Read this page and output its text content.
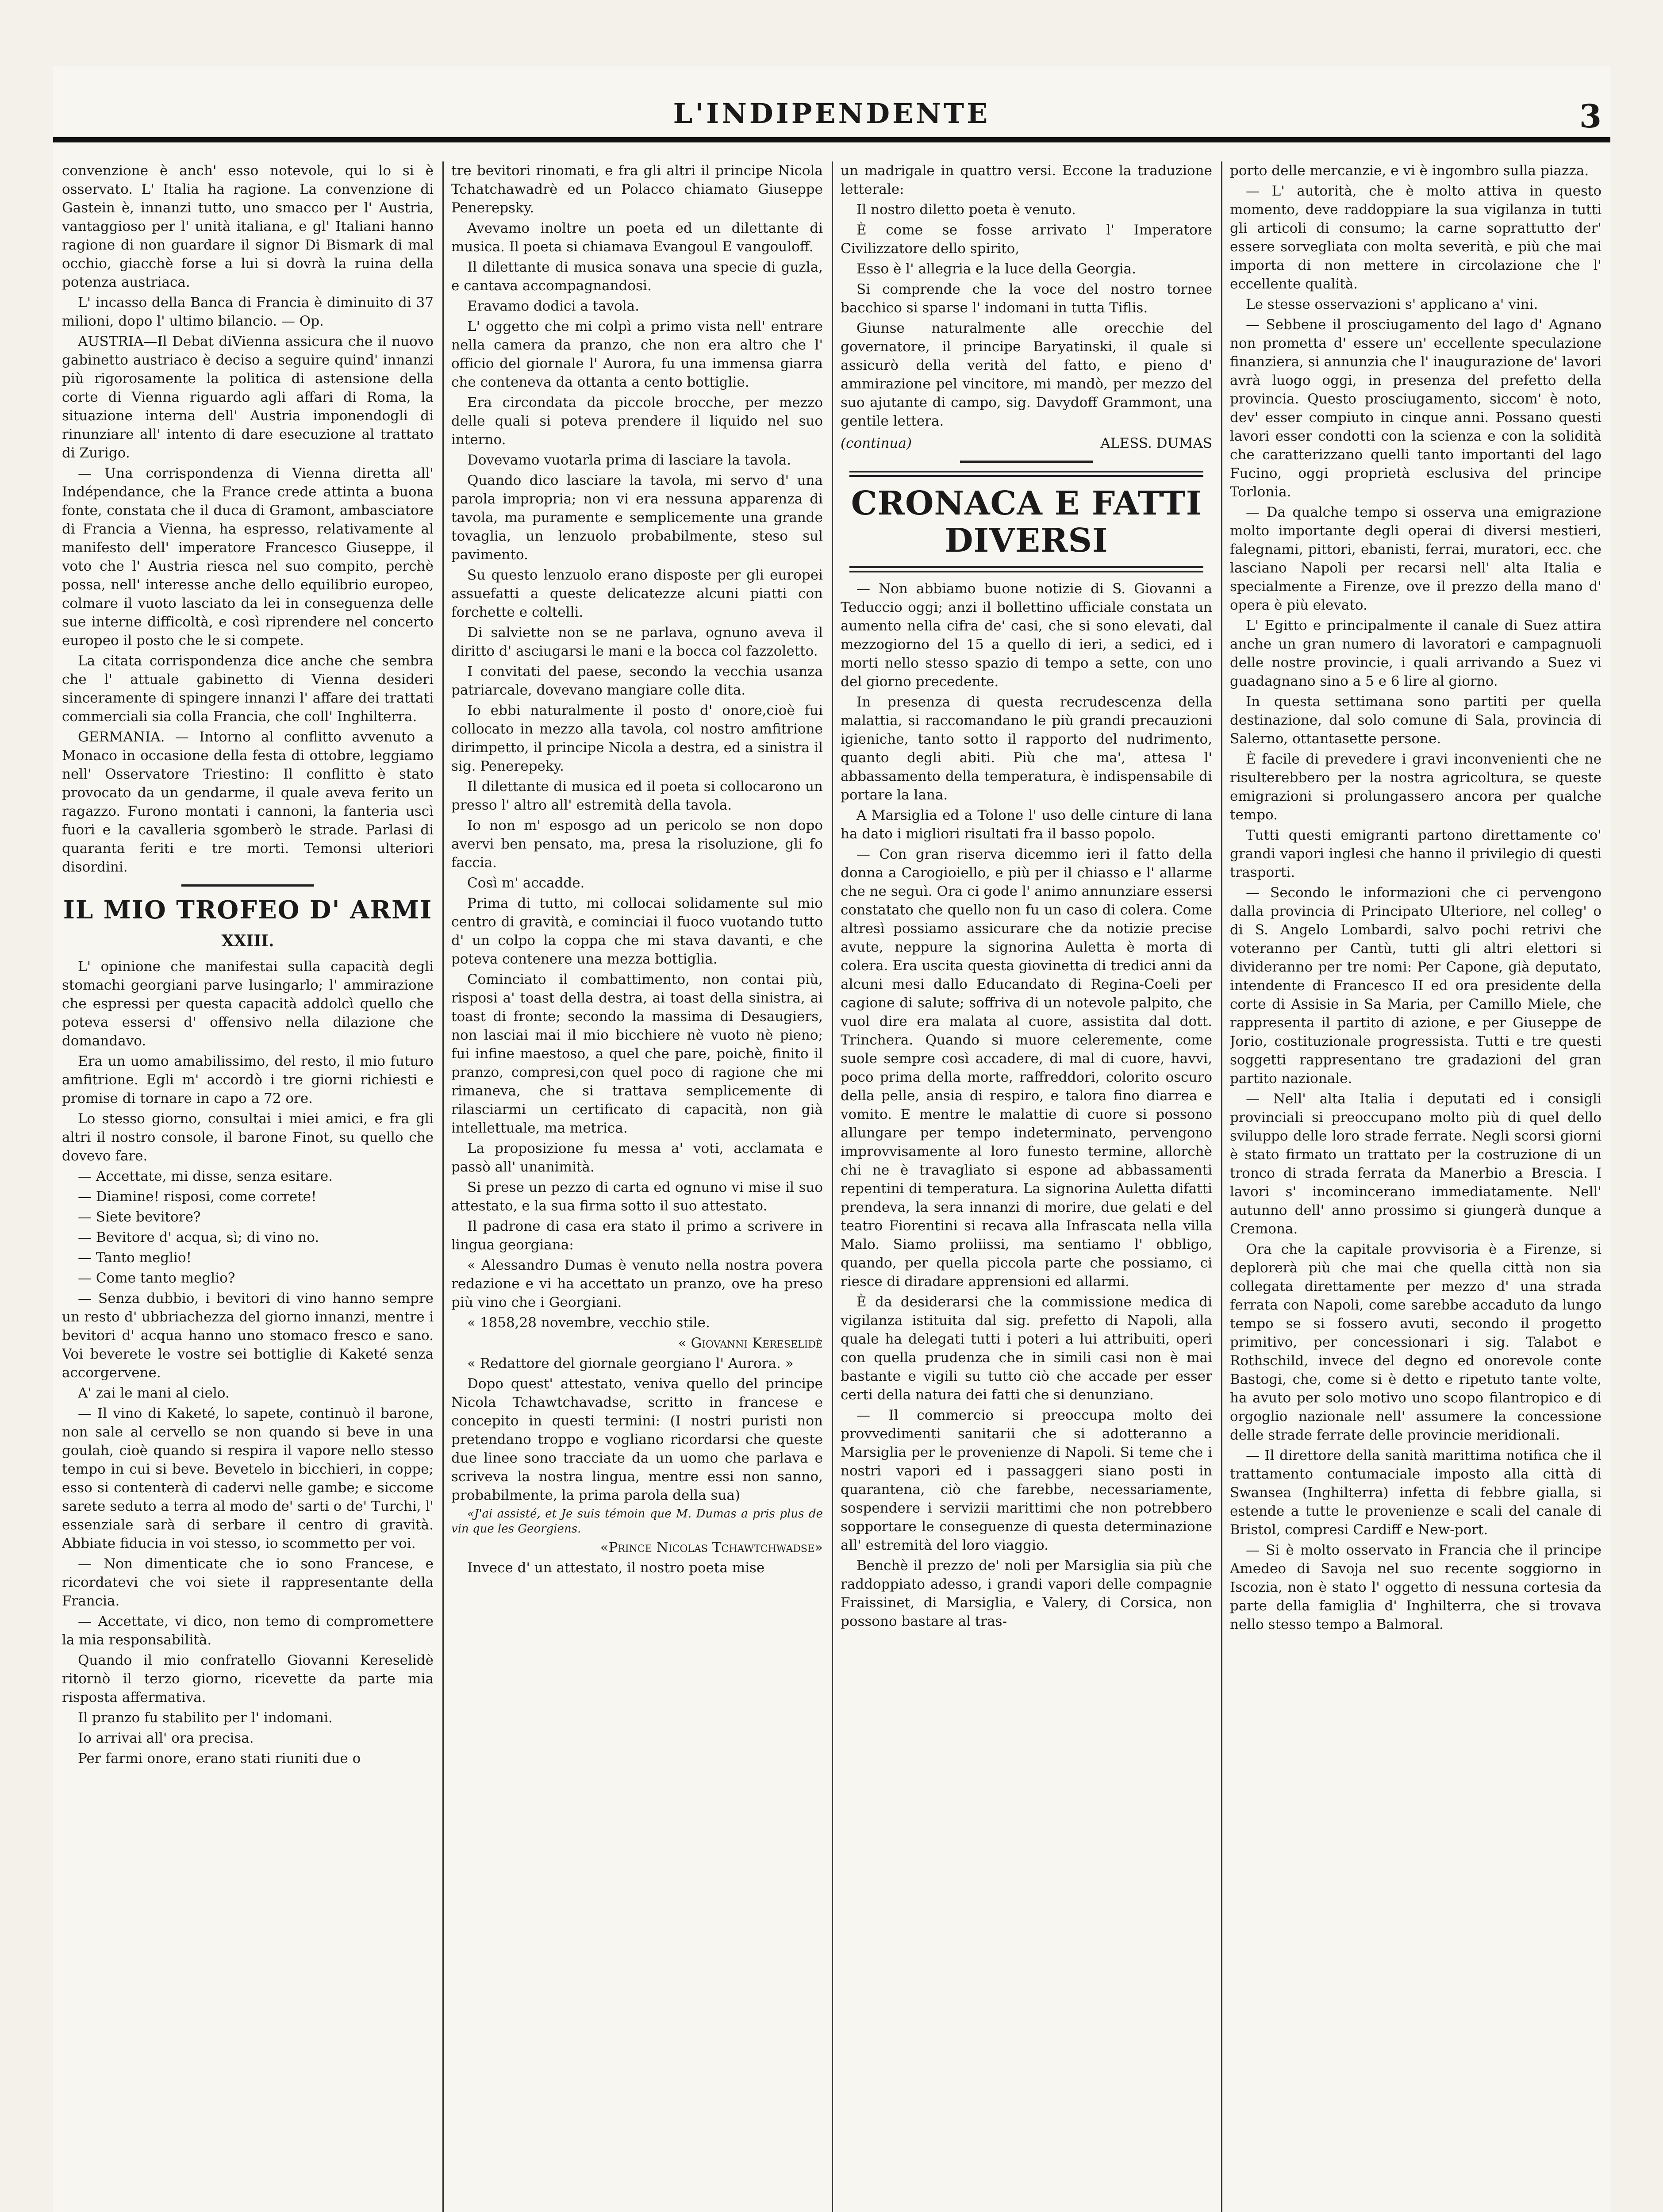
L'INDIPENDENTE	3

convenzione è anch' esso notevole, qui lo si è osservato. L' Italia ha ragione. La convenzione di Gastein è, innanzi tutto, uno smacco per l' Austria, vantaggioso per l' unità italiana, e gl' Italiani hanno ragione di non guardare il signor Di Bismark di mal occhio, giacchè forse a lui si dovrà la ruina della potenza austriaca.

L' incasso della Banca di Francia è diminuito di 37 milioni, dopo l' ultimo bilancio. — Op.

AUSTRIA—Il Debat diVienna assicura che il nuovo gabinetto austriaco è deciso a seguire quind' innanzi più rigorosamente la politica di astensione della corte di Vienna riguardo agli affari di Roma, la situazione interna dell' Austria imponendogli di rinunziare all' intento di dare esecuzione al trattato di Zurigo.

— Una corrispondenza di Vienna diretta all' Indépendance, che la France crede attinta a buona fonte, constata che il duca di Gramont, ambasciatore di Francia a Vienna, ha espresso, relativamente al manifesto dell' imperatore Francesco Giuseppe, il voto che l' Austria riesca nel suo compito, perchè possa, nell' interesse anche dello equilibrio europeo, colmare il vuoto lasciato da lei in conseguenza delle sue interne difficoltà, e così riprendere nel concerto europeo il posto che le si compete.

La citata corrispondenza dice anche che sembra che l' attuale gabinetto di Vienna desideri sinceramente di spingere innanzi l' affare dei trattati commerciali sia colla Francia, che coll' Inghilterra.

GERMANIA. — Intorno al conflitto avvenuto a Monaco in occasione della festa di ottobre, leggiamo nell' Osservatore Triestino: Il conflitto è stato provocato da un gendarme, il quale aveva ferito un ragazzo. Furono montati i cannoni, la fanteria uscì fuori e la cavalleria sgomberò le strade. Parlasi di quaranta feriti e tre morti. Temonsi ulteriori disordini.

IL MIO TROFEO D' ARMI
XXIII.

L' opinione che manifestai sulla capacità degli stomachi georgiani parve lusingarlo; l' ammirazione che espressi per questa capacità addolcì quello che poteva essersi d' offensivo nella dilazione che domandavo.

Era un uomo amabilissimo, del resto, il mio futuro amfitrione. Egli m' accordò i tre giorni richiesti e promise di tornare in capo a 72 ore.

Lo stesso giorno, consultai i miei amici, e fra gli altri il nostro console, il barone Finot, su quello che dovevo fare.

— Accettate, mi disse, senza esitare.

— Diamine! risposi, come correte!

— Siete bevitore?

— Bevitore d' acqua, sì; di vino no.

— Tanto meglio!

— Come tanto meglio?

— Senza dubbio, i bevitori di vino hanno sempre un resto d' ubbriachezza del giorno innanzi, mentre i bevitori d' acqua hanno uno stomaco fresco e sano. Voi beverete le vostre sei bottiglie di Kaketé senza accorgervene.

A' zai le mani al cielo.

— Il vino di Kaketé, lo sapete, continuò il barone, non sale al cervello se non quando si beve in una goulah, cioè quando si respira il vapore nello stesso tempo in cui si beve. Bevetelo in bicchieri, in coppe; esso si contenterà di cadervi nelle gambe; e siccome sarete seduto a terra al modo de' sarti o de' Turchi, l' essenziale sarà di serbare il centro di gravità. Abbiate fiducia in voi stesso, io scommetto per voi.

— Non dimenticate che io sono Francese, e ricordatevi che voi siete il rappresentante della Francia.

— Accettate, vi dico, non temo di compromettere la mia responsabilità.

Quando il mio confratello Giovanni Kereselidè ritornò il terzo giorno, ricevette da parte mia risposta affermativa.

Il pranzo fu stabilito per l' indomani.

Io arrivai all' ora precisa.

Per farmi onore, erano stati riuniti due o

tre bevitori rinomati, e fra gli altri il principe Nicola Tchatchawadrè ed un Polacco chiamato Giuseppe Penerepsky.

Avevamo inoltre un poeta ed un dilettante di musica. Il poeta si chiamava Evangoul E vangouloff.

Il dilettante di musica sonava una specie di guzla, e cantava accompagnandosi.

Eravamo dodici a tavola.

L' oggetto che mi colpì a primo vista nell' entrare nella camera da pranzo, che non era altro che l' officio del giornale l' Aurora, fu una immensa giarra che conteneva da ottanta a cento bottiglie.

Era circondata da piccole brocche, per mezzo delle quali si poteva prendere il liquido nel suo interno.

Dovevamo vuotarla prima di lasciare la tavola.

Quando dico lasciare la tavola, mi servo d' una parola impropria; non vi era nessuna apparenza di tavola, ma puramente e semplicemente una grande tovaglia, un lenzuolo probabilmente, steso sul pavimento.

Su questo lenzuolo erano disposte per gli europei assuefatti a queste delicatezze alcuni piatti con forchette e coltelli.

Di salviette non se ne parlava, ognuno aveva il diritto d' asciugarsi le mani e la bocca col fazzoletto.

I convitati del paese, secondo la vecchia usanza patriarcale, dovevano mangiare colle dita.

Io ebbi naturalmente il posto d' onore,cioè fui collocato in mezzo alla tavola, col nostro amfitrione dirimpetto, il principe Nicola a destra, ed a sinistra il sig. Penerepeky.

Il dilettante di musica ed il poeta si collocarono un presso l' altro all' estremità della tavola.

Io non m' esposgo ad un pericolo se non dopo avervi ben pensato, ma, presa la risoluzione, gli fo faccia.

Così m' accadde.

Prima di tutto, mi collocai solidamente sul mio centro di gravità, e cominciai il fuoco vuotando tutto d' un colpo la coppa che mi stava davanti, e che poteva contenere una mezza bottiglia.

Cominciato il combattimento, non contai più, risposi a' toast della destra, ai toast della sinistra, ai toast di fronte; secondo la massima di Desaugiers, non lasciai mai il mio bicchiere nè vuoto nè pieno; fui infine maestoso, a quel che pare, poichè, finito il pranzo, compresi,con quel poco di ragione che mi rimaneva, che si trattava semplicemente di rilasciarmi un certificato di capacità, non già intellettuale, ma metrica.

La proposizione fu messa a' voti, acclamata e passò all' unanimità.

Si prese un pezzo di carta ed ognuno vi mise il suo attestato, e la sua firma sotto il suo attestato.

Il padrone di casa era stato il primo a scrivere in lingua georgiana:

« Alessandro Dumas è venuto nella nostra povera redazione e vi ha accettato un pranzo, ove ha preso più vino che i Georgiani.

« 1858,28 novembre, vecchio stile.

« Giovanni Kereselidè

« Redattore del giornale georgiano l' Aurora. »

Dopo quest' attestato, veniva quello del principe Nicola Tchawtchavadse, scritto in francese e concepito in questi termini: (I nostri puristi non pretendano troppo e vogliano ricordarsi che queste due linee sono tracciate da un uomo che parlava e scriveva la nostra lingua, mentre essi non sanno, probabilmente, la prima parola della sua)

«J'ai assisté, et Je suis témoin que M. Dumas a pris plus de vin que les Georgiens.

«Prince Nicolas Tchawtchwadse»

Invece d' un attestato, il nostro poeta mise

un madrigale in quattro versi. Eccone la traduzione letterale:

Il nostro diletto poeta è venuto.

È come se fosse arrivato l' Imperatore Civilizzatore dello spirito,

Esso è l' allegria e la luce della Georgia.

Si comprende che la voce del nostro tornee bacchico si sparse l' indomani in tutta Tiflis.

Giunse naturalmente alle orecchie del governatore, il principe Baryatinski, il quale si assicurò della verità del fatto, e pieno d' ammirazione pel vincitore, mi mandò, per mezzo del suo ajutante di campo, sig. Davydoff Grammont, una gentile lettera.

(continua)	ALESS. DUMAS
CRONACA E FATTI DIVERSI

— Non abbiamo buone notizie di S. Giovanni a Teduccio oggi; anzi il bollettino ufficiale constata un aumento nella cifra de' casi, che si sono elevati, dal mezzogiorno del 15 a quello di ieri, a sedici, ed i morti nello stesso spazio di tempo a sette, con uno del giorno precedente.

In presenza di questa recrudescenza della malattia, si raccomandano le più grandi precauzioni igieniche, tanto sotto il rapporto del nudrimento, quanto degli abiti. Più che ma', attesa l' abbassamento della temperatura, è indispensabile di portare la lana.

A Marsiglia ed a Tolone l' uso delle cinture di lana ha dato i migliori risultati fra il basso popolo.

— Con gran riserva dicemmo ieri il fatto della donna a Carogioiello, e più per il chiasso e l' allarme che ne seguì. Ora ci gode l' animo annunziare essersi constatato che quello non fu un caso di colera. Come altresì possiamo assicurare che da notizie precise avute, neppure la signorina Auletta è morta di colera. Era uscita questa giovinetta di tredici anni da alcuni mesi dallo Educandato di Regina-Coeli per cagione di salute; soffriva di un notevole palpito, che vuol dire era malata al cuore, assistita dal dott. Trinchera. Quando si muore celeremente, come suole sempre così accadere, di mal di cuore, havvi, poco prima della morte, raffreddori, colorito oscuro della pelle, ansia di respiro, e talora fino diarrea e vomito. E mentre le malattie di cuore si possono allungare per tempo indeterminato, pervengono improvvisamente al loro funesto termine, allorchè chi ne è travagliato si espone ad abbassamenti repentini di temperatura. La signorina Auletta difatti prendeva, la sera innanzi di morire, due gelati e del teatro Fiorentini si recava alla Infrascata nella villa Malo. Siamo proliissi, ma sentiamo l' obbligo, quando, per quella piccola parte che possiamo, ci riesce di diradare apprensioni ed allarmi.

È da desiderarsi che la commissione medica di vigilanza istituita dal sig. prefetto di Napoli, alla quale ha delegati tutti i poteri a lui attribuiti, operi con quella prudenza che in simili casi non è mai bastante e vigili su tutto ciò che accade per esser certi della natura dei fatti che si denunziano.

— Il commercio si preoccupa molto dei provvedimenti sanitarii che si adotteranno a Marsiglia per le provenienze di Napoli. Si teme che i nostri vapori ed i passaggeri siano posti in quarantena, ciò che farebbe, necessariamente, sospendere i servizii marittimi che non potrebbero sopportare le conseguenze di questa determinazione all' estremità del loro viaggio.

Benchè il prezzo de' noli per Marsiglia sia più che raddoppiato adesso, i grandi vapori delle compagnie Fraissinet, di Marsiglia, e Valery, di Corsica, non possono bastare al tras-

porto delle mercanzie, e vi è ingombro sulla piazza.

— L' autorità, che è molto attiva in questo momento, deve raddoppiare la sua vigilanza in tutti gli articoli di consumo; la carne soprattutto der' essere sorvegliata con molta severità, e più che mai importa di non mettere in circolazione che l' eccellente qualità.

Le stesse osservazioni s' applicano a' vini.

— Sebbene il prosciugamento del lago d' Agnano non prometta d' essere un' eccellente speculazione finanziera, si annunzia che l' inaugurazione de' lavori avrà luogo oggi, in presenza del prefetto della provincia. Questo prosciugamento, siccom' è noto, dev' esser compiuto in cinque anni. Possano questi lavori esser condotti con la scienza e con la solidità che caratterizzano quelli tanto importanti del lago Fucino, oggi proprietà esclusiva del principe Torlonia.

— Da qualche tempo si osserva una emigrazione molto importante degli operai di diversi mestieri, falegnami, pittori, ebanisti, ferrai, muratori, ecc. che lasciano Napoli per recarsi nell' alta Italia e specialmente a Firenze, ove il prezzo della mano d' opera è più elevato.

L' Egitto e principalmente il canale di Suez attira anche un gran numero di lavoratori e campagnuoli delle nostre provincie, i quali arrivando a Suez vi guadagnano sino a 5 e 6 lire al giorno.

In questa settimana sono partiti per quella destinazione, dal solo comune di Sala, provincia di Salerno, ottantasette persone.

È facile di prevedere i gravi inconvenienti che ne risulterebbero per la nostra agricoltura, se queste emigrazioni si prolungassero ancora per qualche tempo.

Tutti questi emigranti partono direttamente co' grandi vapori inglesi che hanno il privilegio di questi trasporti.

— Secondo le informazioni che ci pervengono dalla provincia di Principato Ulteriore, nel colleg' o di S. Angelo Lombardi, salvo pochi retrivi che voteranno per Cantù, tutti gli altri elettori si divideranno per tre nomi: Per Capone, già deputato, intendente di Francesco II ed ora presidente della corte di Assisie in Sa Maria, per Camillo Miele, che rappresenta il partito di azione, e per Giuseppe de Jorio, costituzionale progressista. Tutti e tre questi soggetti rappresentano tre gradazioni del gran partito nazionale.

— Nell' alta Italia i deputati ed i consigli provinciali si preoccupano molto più di quel dello sviluppo delle loro strade ferrate. Negli scorsi giorni è stato firmato un trattato per la costruzione di un tronco di strada ferrata da Manerbio a Brescia. I lavori s' incomincerano immediatamente. Nell' autunno dell' anno prossimo si giungerà dunque a Cremona.

Ora che la capitale provvisoria è a Firenze, si deplorerà più che mai che quella città non sia collegata direttamente per mezzo d' una strada ferrata con Napoli, come sarebbe accaduto da lungo tempo se si fossero avuti, secondo il progetto primitivo, per concessionari i sig. Talabot e Rothschild, invece del degno ed onorevole conte Bastogi, che, come si è detto e ripetuto tante volte, ha avuto per solo motivo uno scopo filantropico e di orgoglio nazionale nell' assumere la concessione delle strade ferrate delle provincie meridionali.

— Il direttore della sanità marittima notifica che il trattamento contumaciale imposto alla città di Swansea (Inghilterra) infetta di febbre gialla, si estende a tutte le provenienze e scali del canale di Bristol, compresi Cardiff e New-port.

— Si è molto osservato in Francia che il principe Amedeo di Savoja nel suo recente soggiorno in Iscozia, non è stato l' oggetto di nessuna cortesia da parte della famiglia d' Inghilterra, che si trovava nello stesso tempo a Balmoral.
